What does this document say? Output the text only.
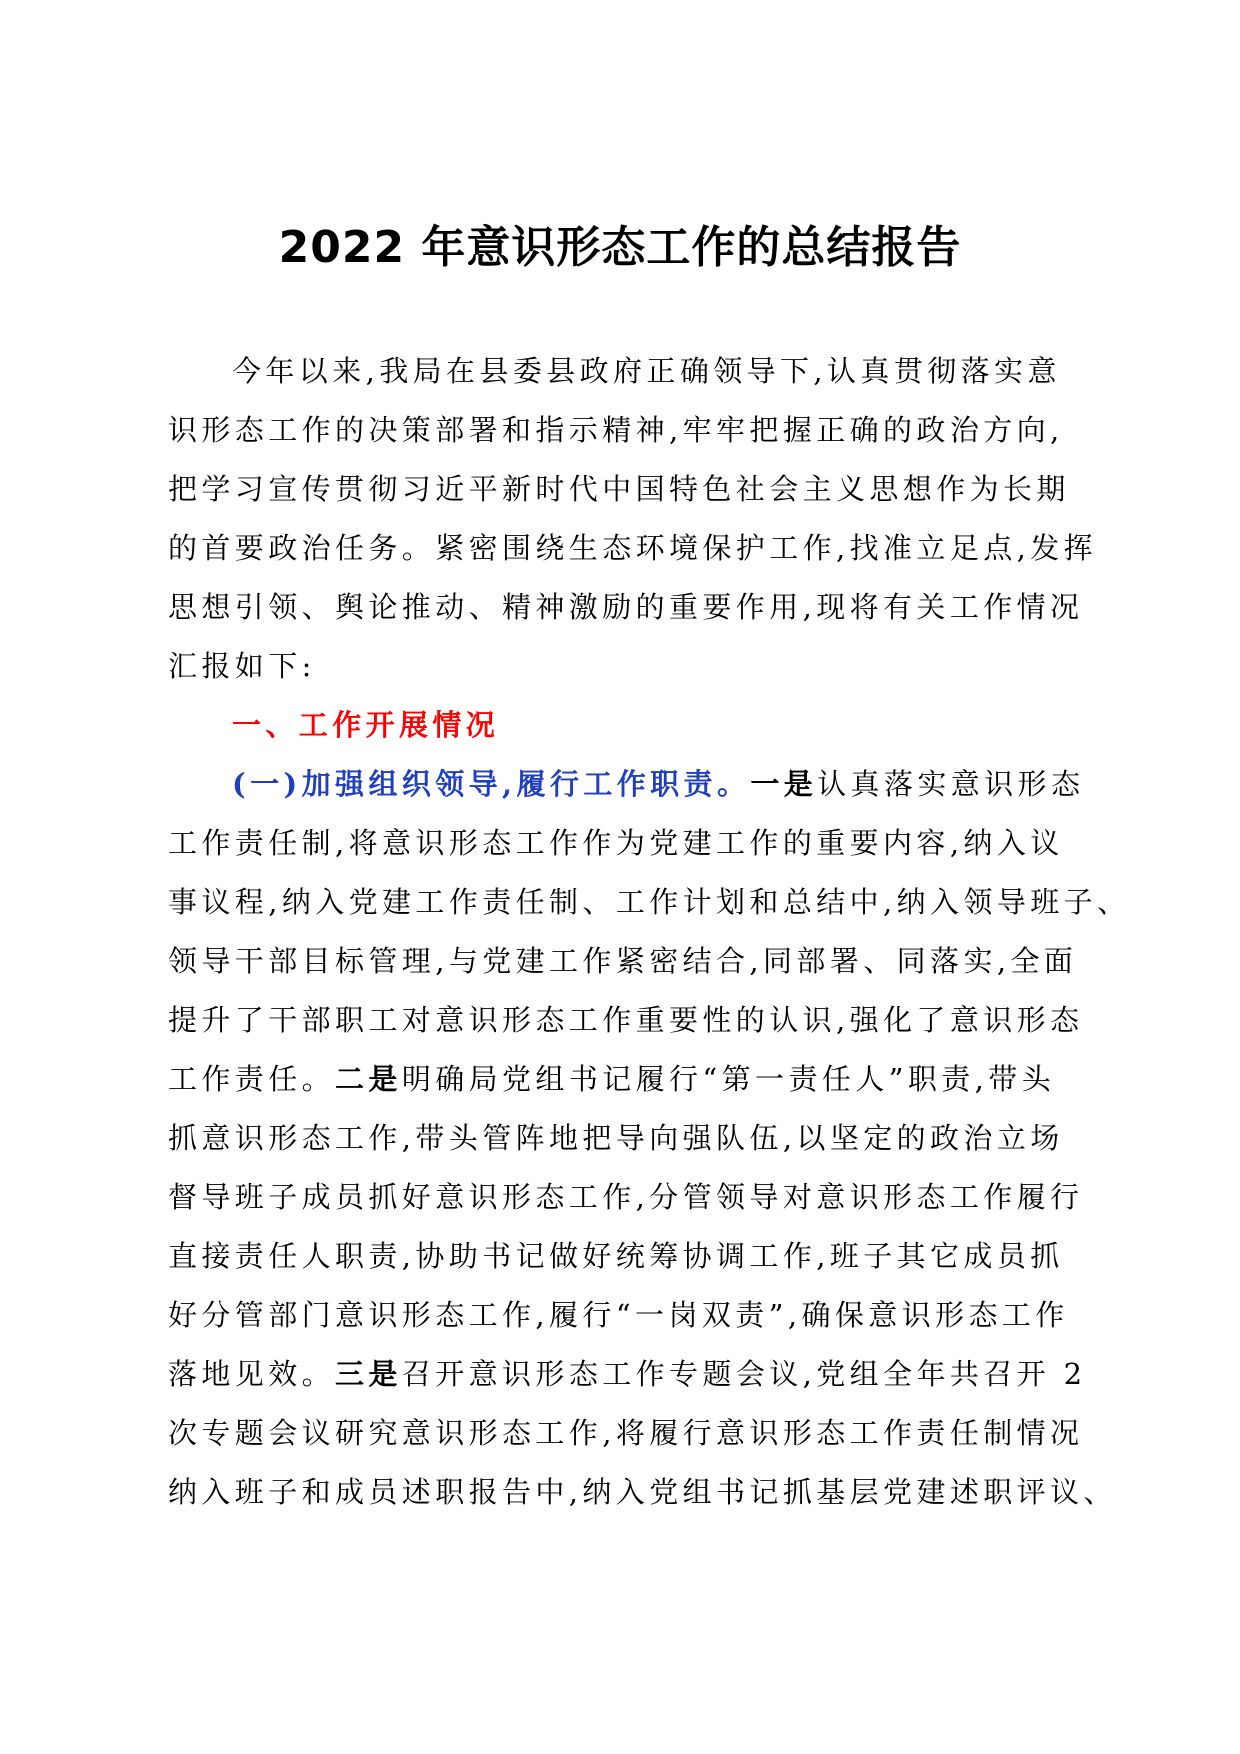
2022 年意识形态工作的总结报告
今年以来,我局在县委县政府正确领导下,认真贯彻落实意
识形态工作的决策部署和指示精神,牢牢把握正确的政治方向,
把学习宣传贯彻习近平新时代中国特色社会主义思想作为长期
的首要政治任务。紧密围绕生态环境保护工作,找准立足点,发挥
思想引领、舆论推动、精神激励的重要作用,现将有关工作情况
汇报如下:
一、工作开展情况
(一)加强组织领导,履行工作职责。一是认真落实意识形态
工作责任制,将意识形态工作作为党建工作的重要内容,纳入议
事议程,纳入党建工作责任制、工作计划和总结中,纳入领导班子、
领导干部目标管理,与党建工作紧密结合,同部署、同落实,全面
提升了干部职工对意识形态工作重要性的认识,强化了意识形态
工作责任。二是明确局党组书记履行“第一责任人”职责,带头
抓意识形态工作,带头管阵地把导向强队伍,以坚定的政治立场
督导班子成员抓好意识形态工作,分管领导对意识形态工作履行
直接责任人职责,协助书记做好统筹协调工作,班子其它成员抓
好分管部门意识形态工作,履行“一岗双责”,确保意识形态工作
落地见效。三是召开意识形态工作专题会议,党组全年共召开 2
次专题会议研究意识形态工作,将履行意识形态工作责任制情况
纳入班子和成员述职报告中,纳入党组书记抓基层党建述职评议、
